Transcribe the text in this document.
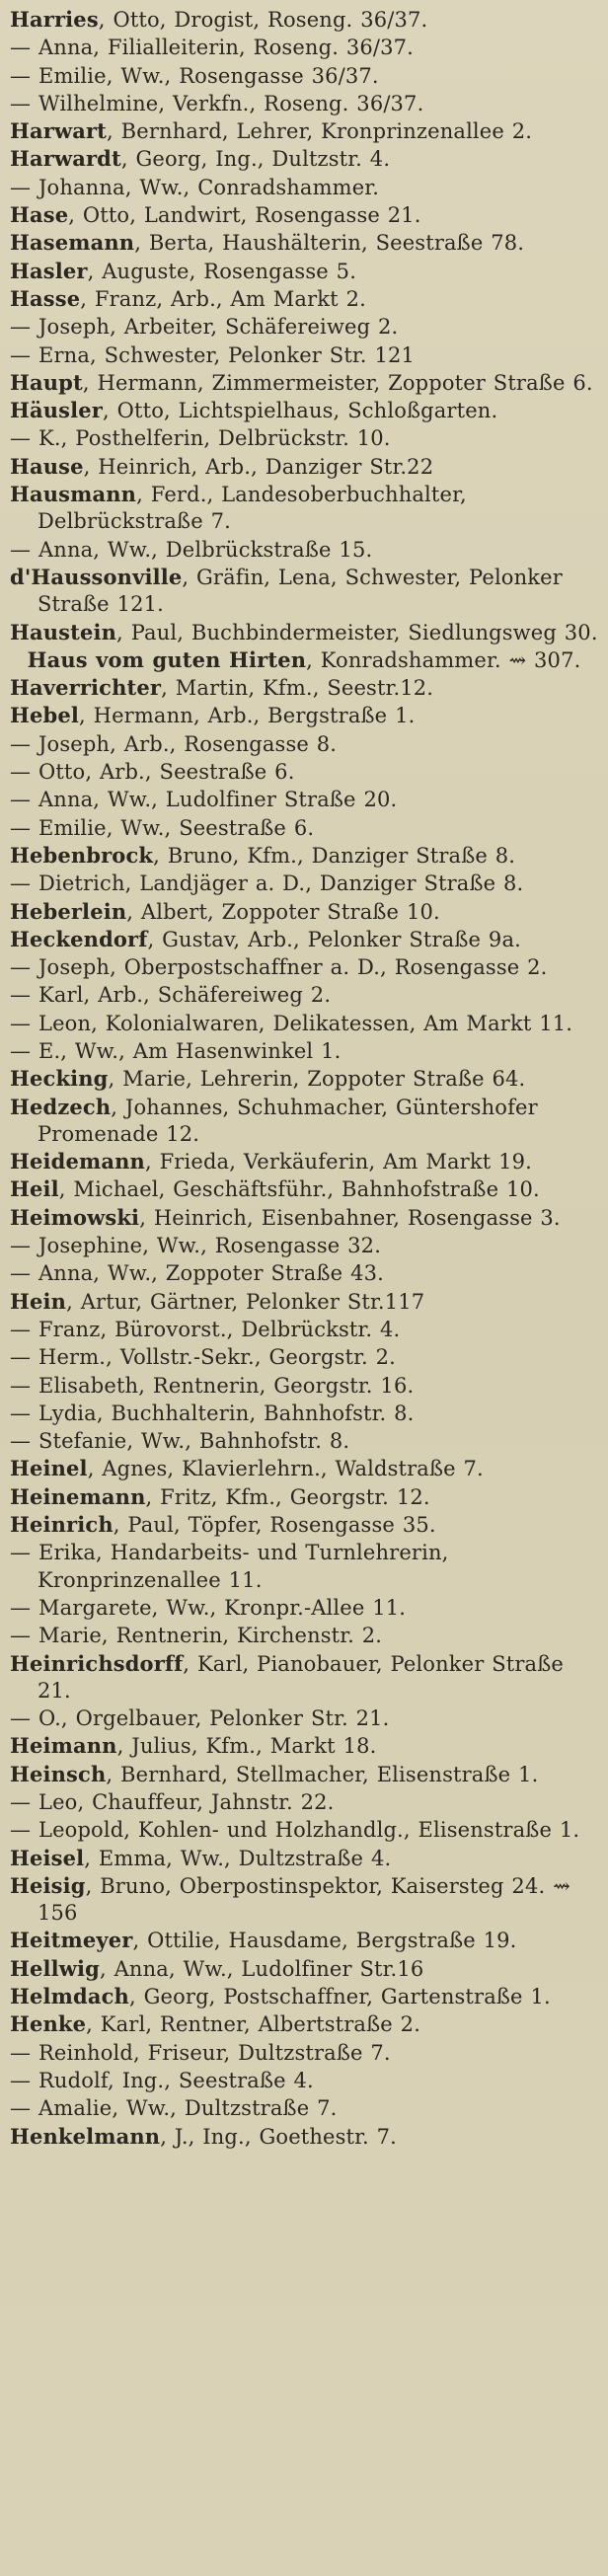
Harries, Otto, Drogist, Roseng. 36/37.
— Anna, Filialleiterin, Roseng. 36/37.
— Emilie, Ww., Rosengasse 36/37.
— Wilhelmine, Verkfn., Roseng. 36/37.
Harwart, Bernhard, Lehrer, Kronprinzenallee 2.
Harwardt, Georg, Ing., Dultzstr. 4.
— Johanna, Ww., Conradshammer.
Hase, Otto, Landwirt, Rosengasse 21.
Hasemann, Berta, Haushälterin, Seestraße 78.
Hasler, Auguste, Rosengasse 5.
Hasse, Franz, Arb., Am Markt 2.
— Joseph, Arbeiter, Schäfereiweg 2.
— Erna, Schwester, Pelonker Str. 121
Haupt, Hermann, Zimmermeister, Zoppoter Straße 6.
Häusler, Otto, Lichtspielhaus, Schloßgarten.
— K., Posthelferin, Delbrückstr. 10.
Hause, Heinrich, Arb., Danziger Str.22
Hausmann, Ferd., Landesoberbuchhalter, Delbrückstraße 7.
— Anna, Ww., Delbrückstraße 15.
d'Haussonville, Gräfin, Lena, Schwester, Pelonker Straße 121.
Haustein, Paul, Buchbindermeister, Siedlungsweg 30.
Haus vom guten Hirten, Konradshammer. ⇝ 307.
Haverrichter, Martin, Kfm., Seestr.12.
Hebel, Hermann, Arb., Bergstraße 1.
— Joseph, Arb., Rosengasse 8.
— Otto, Arb., Seestraße 6.
— Anna, Ww., Ludolfiner Straße 20.
— Emilie, Ww., Seestraße 6.
Hebenbrock, Bruno, Kfm., Danziger Straße 8.
— Dietrich, Landjäger a. D., Danziger Straße 8.
Heberlein, Albert, Zoppoter Straße 10.
Heckendorf, Gustav, Arb., Pelonker Straße 9a.
— Joseph, Oberpostschaffner a. D., Rosengasse 2.
— Karl, Arb., Schäfereiweg 2.
— Leon, Kolonialwaren, Delikatessen, Am Markt 11.
— E., Ww., Am Hasenwinkel 1.
Hecking, Marie, Lehrerin, Zoppoter Straße 64.
Hedzech, Johannes, Schuhmacher, Güntershofer Promenade 12.
Heidemann, Frieda, Verkäuferin, Am Markt 19.
Heil, Michael, Geschäftsführ., Bahnhofstraße 10.
Heimowski, Heinrich, Eisenbahner, Rosengasse 3.
— Josephine, Ww., Rosengasse 32.
— Anna, Ww., Zoppoter Straße 43.
Hein, Artur, Gärtner, Pelonker Str.117
— Franz, Bürovorst., Delbrückstr. 4.
— Herm., Vollstr.-Sekr., Georgstr. 2.
— Elisabeth, Rentnerin, Georgstr. 16.
— Lydia, Buchhalterin, Bahnhofstr. 8.
— Stefanie, Ww., Bahnhofstr. 8.
Heinel, Agnes, Klavierlehrn., Waldstraße 7.
Heinemann, Fritz, Kfm., Georgstr. 12.
Heinrich, Paul, Töpfer, Rosengasse 35.
— Erika, Handarbeits- und Turnlehrerin, Kronprinzenallee 11.
— Margarete, Ww., Kronpr.-Allee 11.
— Marie, Rentnerin, Kirchenstr. 2.
Heinrichsdorff, Karl, Pianobauer, Pelonker Straße 21.
— O., Orgelbauer, Pelonker Str. 21.
Heimann, Julius, Kfm., Markt 18.
Heinsch, Bernhard, Stellmacher, Elisenstraße 1.
— Leo, Chauffeur, Jahnstr. 22.
— Leopold, Kohlen- und Holzhandlg., Elisenstraße 1.
Heisel, Emma, Ww., Dultzstraße 4.
Heisig, Bruno, Oberpostinspektor, Kaisersteg 24. ⇝ 156
Heitmeyer, Ottilie, Hausdame, Bergstraße 19.
Hellwig, Anna, Ww., Ludolfiner Str.16
Helmdach, Georg, Postschaffner, Gartenstraße 1.
Henke, Karl, Rentner, Albertstraße 2.
— Reinhold, Friseur, Dultzstraße 7.
— Rudolf, Ing., Seestraße 4.
— Amalie, Ww., Dultzstraße 7.
Henkelmann, J., Ing., Goethestr. 7.
